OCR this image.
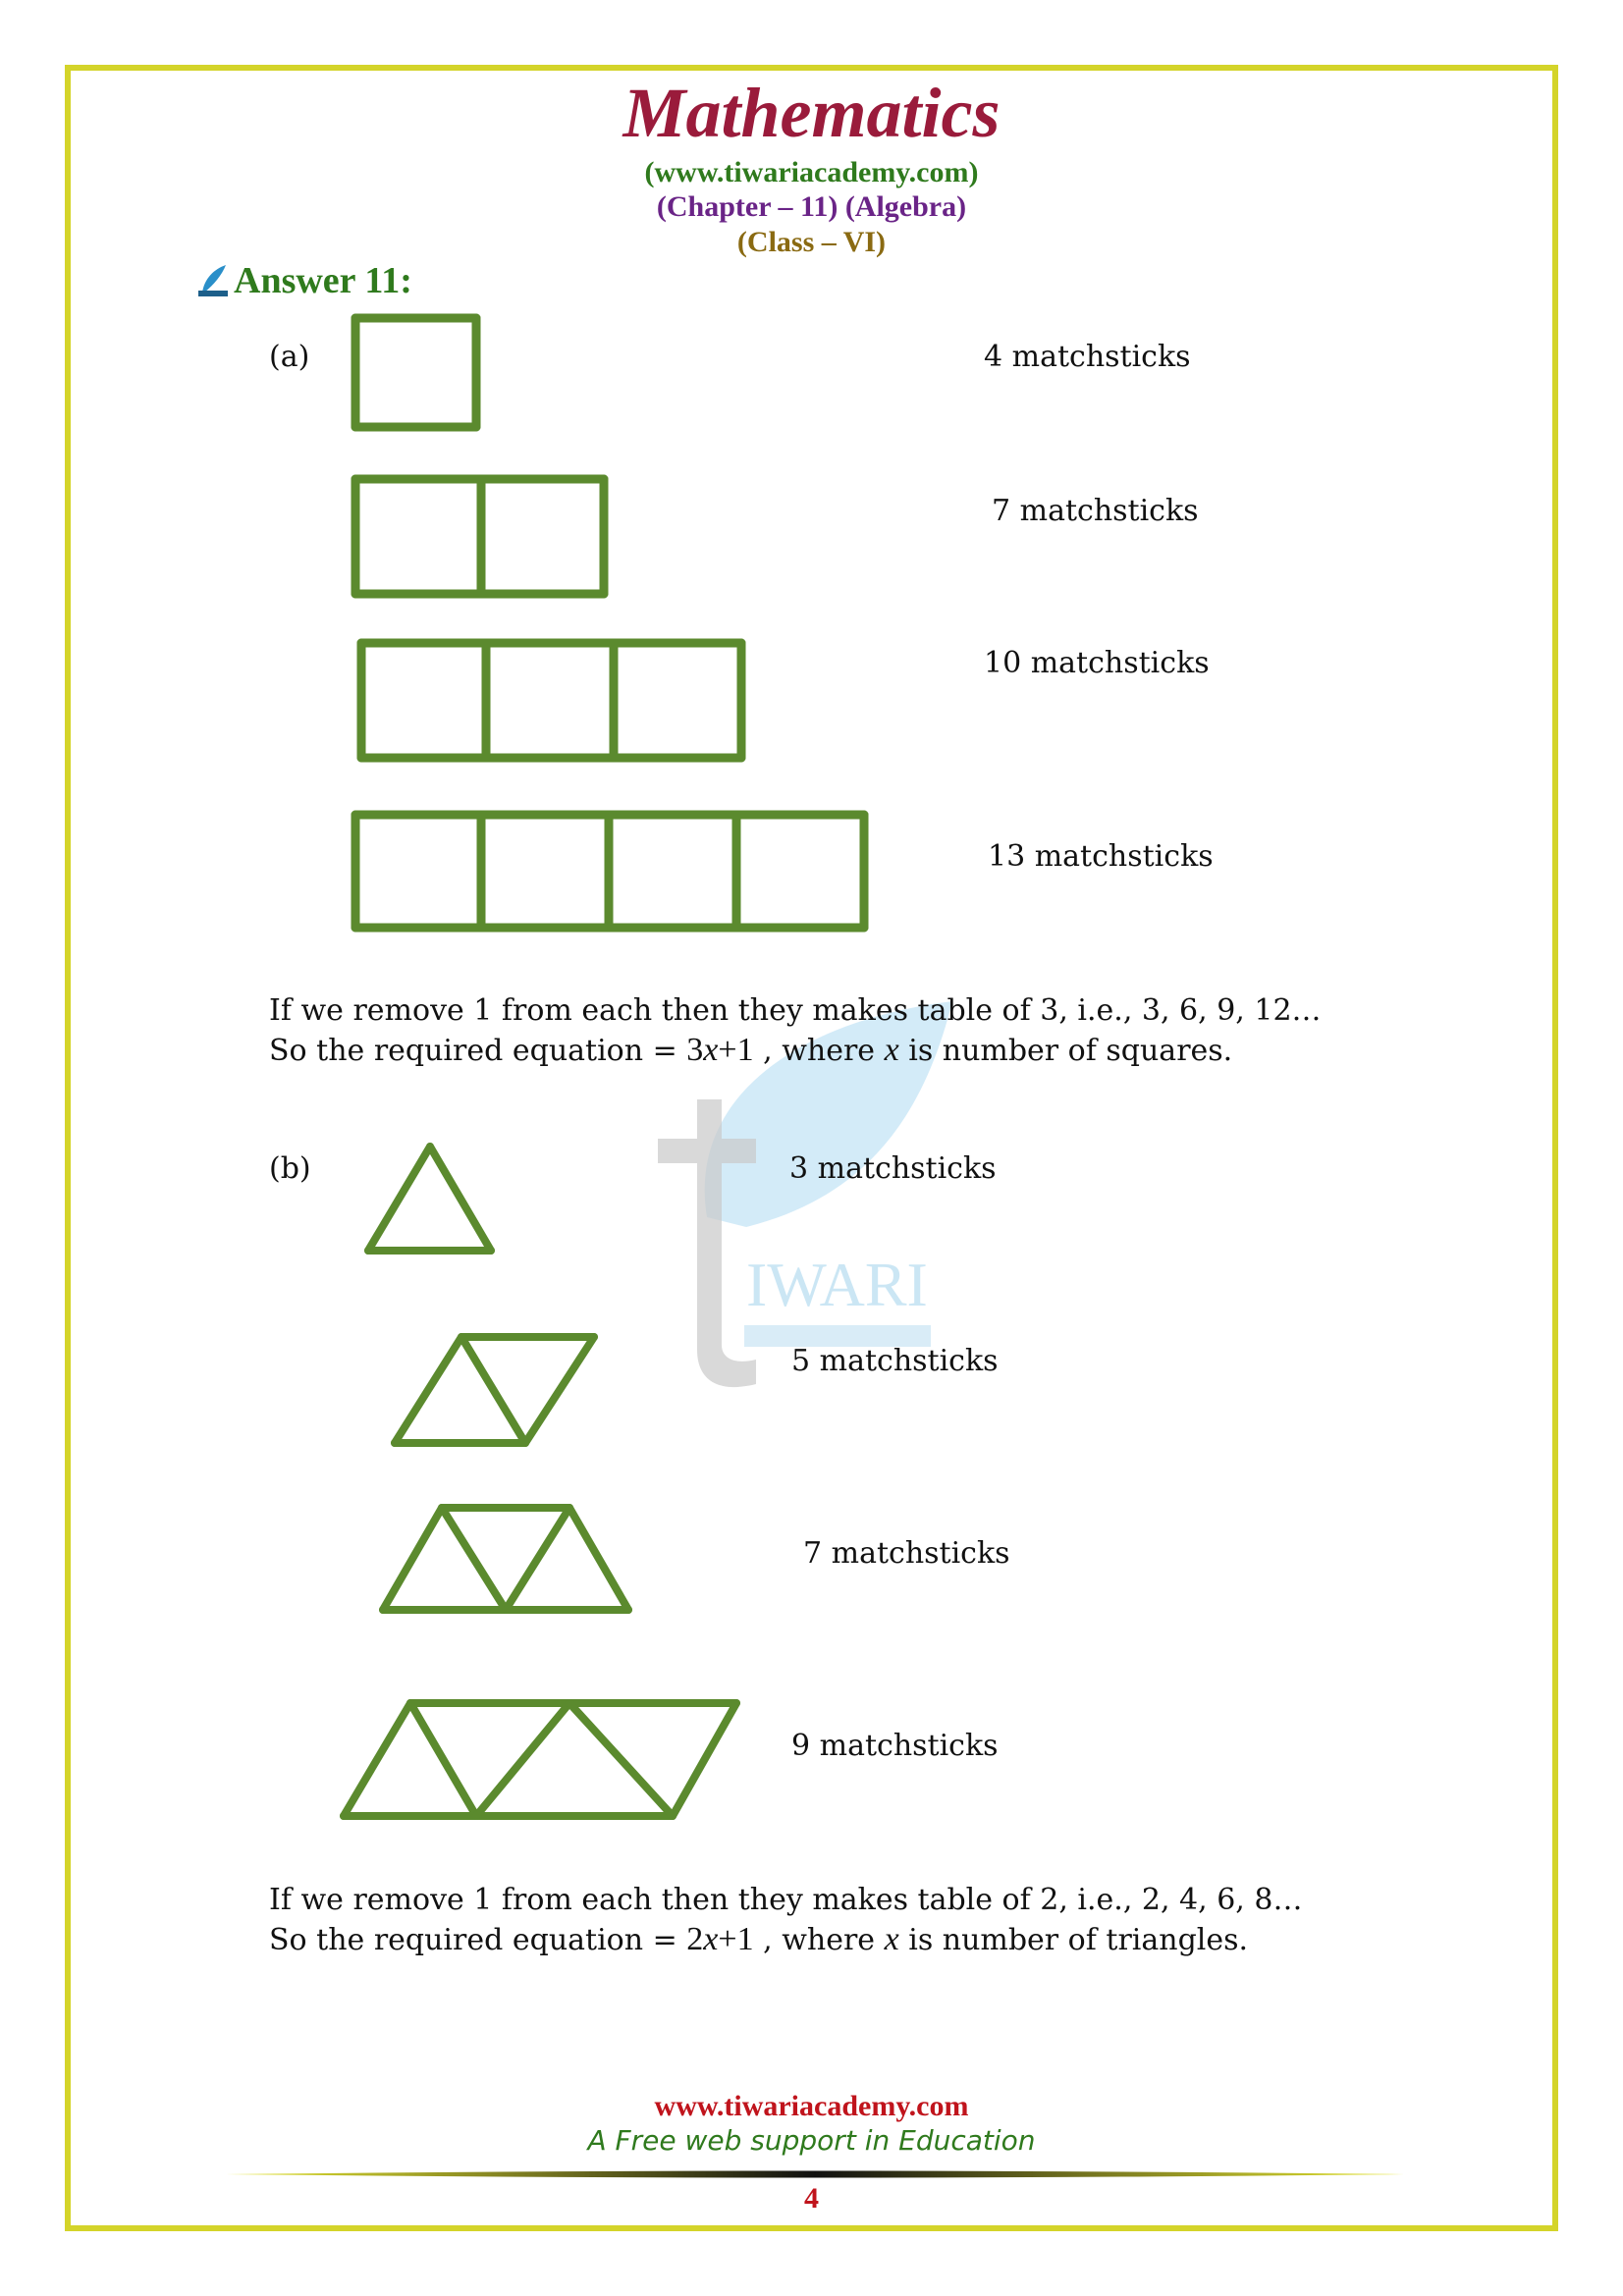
IWARI

Mathematics

(www.tiwariacademy.com)

(Chapter – 11) (Algebra)

(Class – VI)

Answer 11:

(a)	4 matchsticks

7 matchsticks

10 matchsticks

13 matchsticks

If we remove 1 from each then they makes table of 3, i.e., 3, 6, 9, 12…

So the required equation = 3x+1 , where x is number of squares.

(b)	3 matchsticks

5 matchsticks

7 matchsticks

9 matchsticks

If we remove 1 from each then they makes table of 2, i.e., 2, 4, 6, 8…

So the required equation = 2x+1 , where x is number of triangles.

www.tiwariacademy.com

A Free web support in Education

4
